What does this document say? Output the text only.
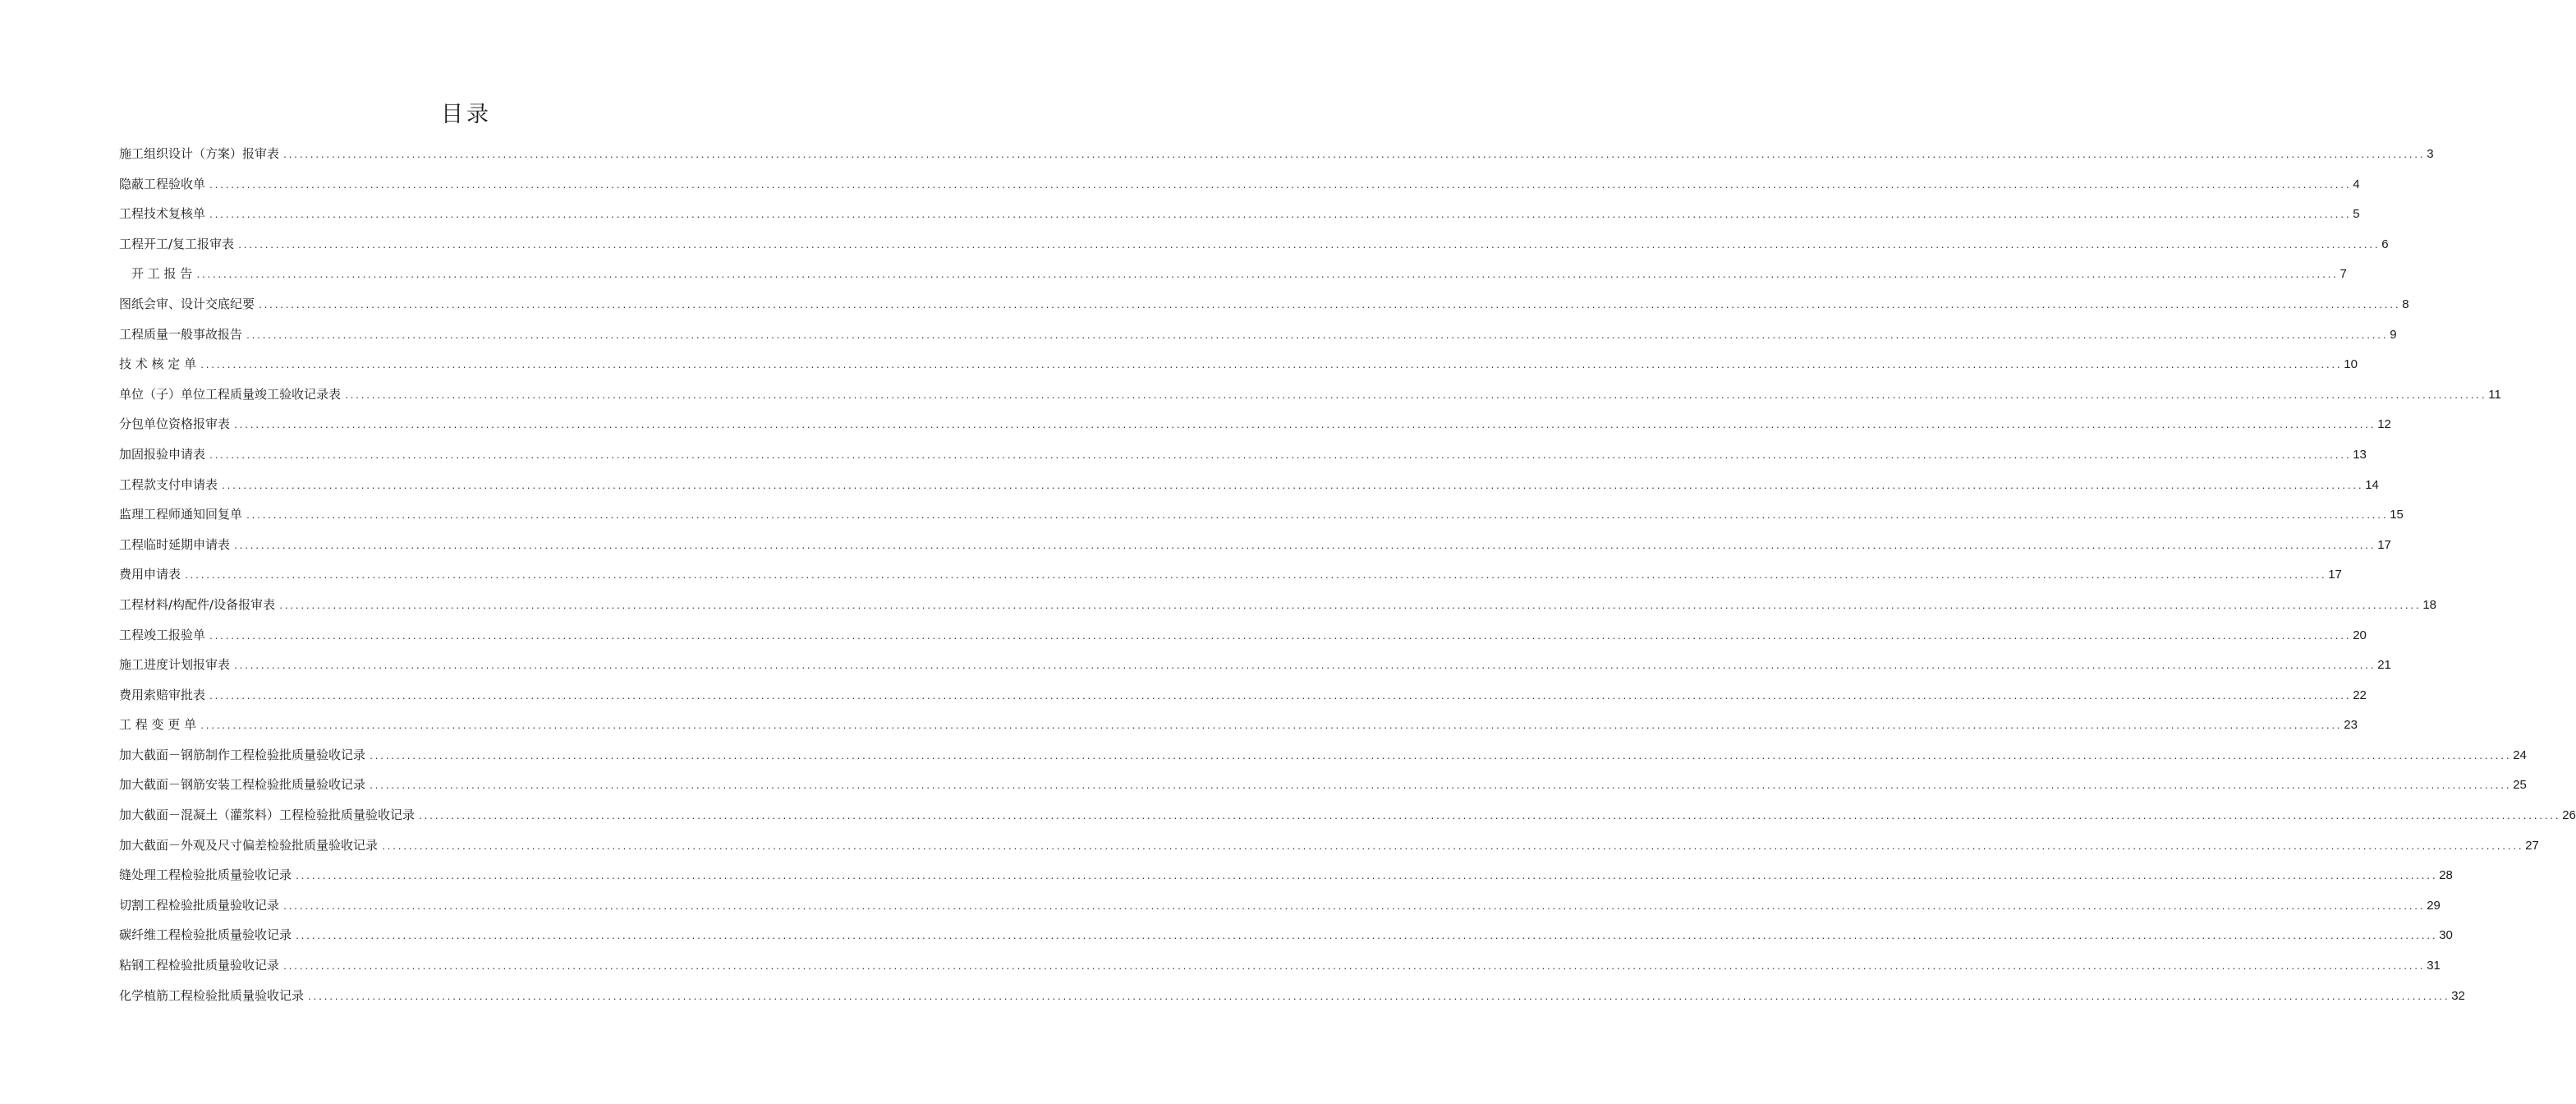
目 录
施工组织设计（方案）报审表 ................................................................................................................................................................................................................................................................................................................................................................................................................ 3
隐蔽工程验收单 ................................................................................................................................................................................................................................................................................................................................................................................................................ 4
工程技术复核单 ................................................................................................................................................................................................................................................................................................................................................................................................................ 5
工程开工/复工报审表 ................................................................................................................................................................................................................................................................................................................................................................................................................ 6
　开 工 报 告 ................................................................................................................................................................................................................................................................................................................................................................................................................ 7
图纸会审、设计交底纪要 ................................................................................................................................................................................................................................................................................................................................................................................................................ 8
工程质量一般事故报告 ................................................................................................................................................................................................................................................................................................................................................................................................................ 9
技 术 核 定 单 ................................................................................................................................................................................................................................................................................................................................................................................................................ 10
单位（子）单位工程质量竣工验收记录表 ................................................................................................................................................................................................................................................................................................................................................................................................................ 11
分包单位资格报审表 ................................................................................................................................................................................................................................................................................................................................................................................................................ 12
加固报验申请表 ................................................................................................................................................................................................................................................................................................................................................................................................................ 13
工程款支付申请表 ................................................................................................................................................................................................................................................................................................................................................................................................................ 14
监理工程师通知回复单 ................................................................................................................................................................................................................................................................................................................................................................................................................ 15
工程临时延期申请表 ................................................................................................................................................................................................................................................................................................................................................................................................................ 17
费用申请表 ................................................................................................................................................................................................................................................................................................................................................................................................................ 17
工程材料/构配件/设备报审表 ................................................................................................................................................................................................................................................................................................................................................................................................................ 18
工程竣工报验单 ................................................................................................................................................................................................................................................................................................................................................................................................................ 20
施工进度计划报审表 ................................................................................................................................................................................................................................................................................................................................................................................................................ 21
费用索赔审批表 ................................................................................................................................................................................................................................................................................................................................................................................................................ 22
工 程 变 更 单 ................................................................................................................................................................................................................................................................................................................................................................................................................ 23
加大截面－钢筋制作工程检验批质量验收记录 ................................................................................................................................................................................................................................................................................................................................................................................................................ 24
加大截面－钢筋安装工程检验批质量验收记录 ................................................................................................................................................................................................................................................................................................................................................................................................................ 25
加大截面－混凝土（灌浆料）工程检验批质量验收记录 ................................................................................................................................................................................................................................................................................................................................................................................................................ 26
加大截面－外观及尺寸偏差检验批质量验收记录 ................................................................................................................................................................................................................................................................................................................................................................................................................ 27
缝处理工程检验批质量验收记录 ................................................................................................................................................................................................................................................................................................................................................................................................................ 28
切割工程检验批质量验收记录 ................................................................................................................................................................................................................................................................................................................................................................................................................ 29
碳纤维工程检验批质量验收记录 ................................................................................................................................................................................................................................................................................................................................................................................................................ 30
粘钢工程检验批质量验收记录 ................................................................................................................................................................................................................................................................................................................................................................................................................ 31
化学植筋工程检验批质量验收记录 ................................................................................................................................................................................................................................................................................................................................................................................................................ 32
